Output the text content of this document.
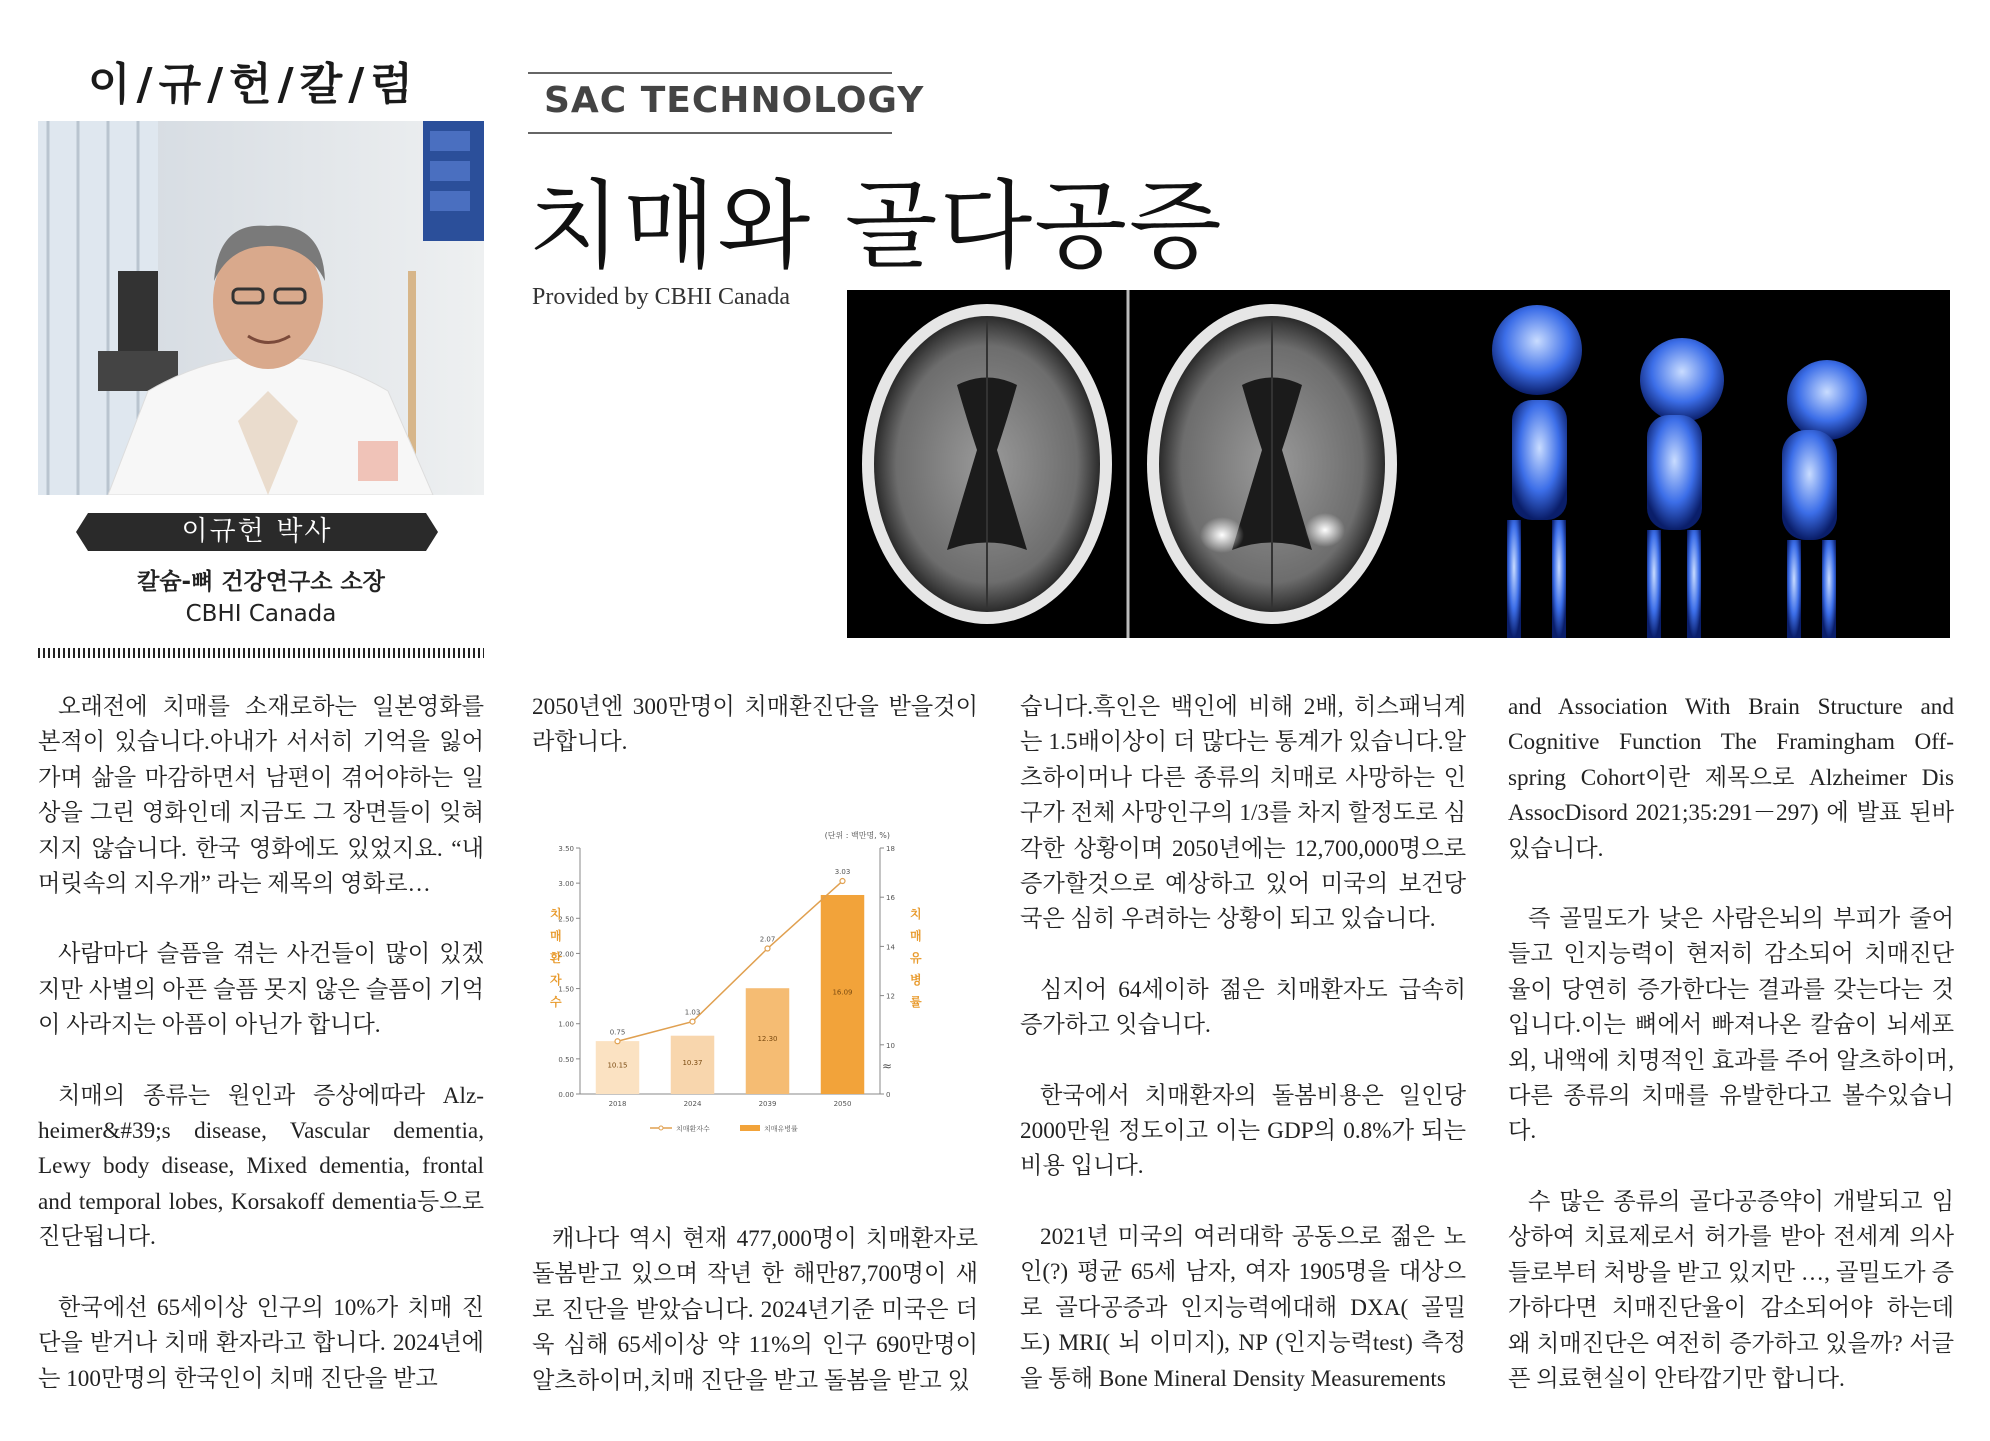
이/규/헌/칼/럼
이규헌 박사
칼슘-뼈 건강연구소 소장
CBHI Canada
SAC TECHNOLOGY
치매와 골다공증
Provided by CBHI Canada

오래전에 치매를 소재로하는 일본영화를 본적이 있습니다.아내가 서서히 기억을 잃어가며 삶을 마감하면서 남편이 겪어야하는 일상을 그린 영화인데 지금도 그 장면들이 잊혀지지 않습니다. 한국 영화에도 있었지요. “내 머릿속의 지우개” 라는 제목의 영화로…

사람마다 슬픔을 겪는 사건들이 많이 있겠지만 사별의 아픈 슬픔 못지 않은 슬픔이 기억이 사라지는 아픔이 아닌가 합니다.

치매의 종류는 원인과 증상에따라 Alz-heimer&#39;s disease, Vascular dementia, Lewy body disease, Mixed dementia, frontal and temporal lobes, Korsakoff dementia등으로 진단됩니다.

한국에선 65세이상 인구의 10%가 치매 진단을 받거나 치매 환자라고 합니다. 2024년에는 100만명의 한국인이 치매 진단을 받고

2050년엔 300만명이 치매환진단을 받을것이라합니다.

(단위 : 백만명, %)
3.50
3.00
2.50
2.00
1.50
1.00
0.50
0.00
18
16
14
12
10
0
≈
치
매
환
자
수
치
매
유
병
률
10.15
2018
10.37
2024
12.30
2039
16.09
2050
0.75
1.03
2.07
3.03
치매환자수	치매유병률

캐나다 역시 현재 477,000명이 치매환자로 돌봄받고 있으며 작년 한 해만87,700명이 새로 진단을 받았습니다. 2024년기준 미국은 더욱 심해 65세이상 약 11%의 인구 690만명이 알츠하이머,치매 진단을 받고 돌봄을 받고 있

습니다.흑인은 백인에 비해 2배, 히스패닉계는 1.5배이상이 더 많다는 통계가 있습니다.알츠하이머나 다른 종류의 치매로 사망하는 인구가 전체 사망인구의 1/3를 차지 할정도로 심각한 상황이며 2050년에는 12,700,000명으로 증가할것으로 예상하고 있어 미국의 보건당국은 심히 우려하는 상황이 되고 있습니다.

심지어 64세이하 젊은 치매환자도 급속히 증가하고 잇습니다.

한국에서 치매환자의 돌봄비용은 일인당 2000만원 정도이고 이는 GDP의 0.8%가 되는 비용 입니다.

2021년 미국의 여러대학 공동으로 젊은 노인(?) 평균 65세 남자, 여자 1905명을 대상으로 골다공증과 인지능력에대해 DXA( 골밀도) MRI( 뇌 이미지), NP (인지능력test) 측정을 통해 Bone Mineral Density Measurements

and Association With Brain Structure and Cognitive Function The Framingham Off-spring Cohort이란 제목으로 Alzheimer Dis AssocDisord 2021;35:291－297) 에 발표 된바 있습니다.

즉 골밀도가 낮은 사람은뇌의 부피가 줄어들고 인지능력이 현저히 감소되어 치매진단율이 당연히 증가한다는 결과를 갖는다는 것입니다.이는 뼈에서 빠져나온 칼슘이 뇌세포외, 내액에 치명적인 효과를 주어 알츠하이머, 다른 종류의 치매를 유발한다고 볼수있습니다.

수 많은 종류의 골다공증약이 개발되고 임상하여 치료제로서 허가를 받아 전세계 의사들로부터 처방을 받고 있지만 …, 골밀도가 증가하다면 치매진단율이 감소되어야 하는데 왜 치매진단은 여전히 증가하고 있을까? 서글픈 의료현실이 안타깝기만 합니다.
